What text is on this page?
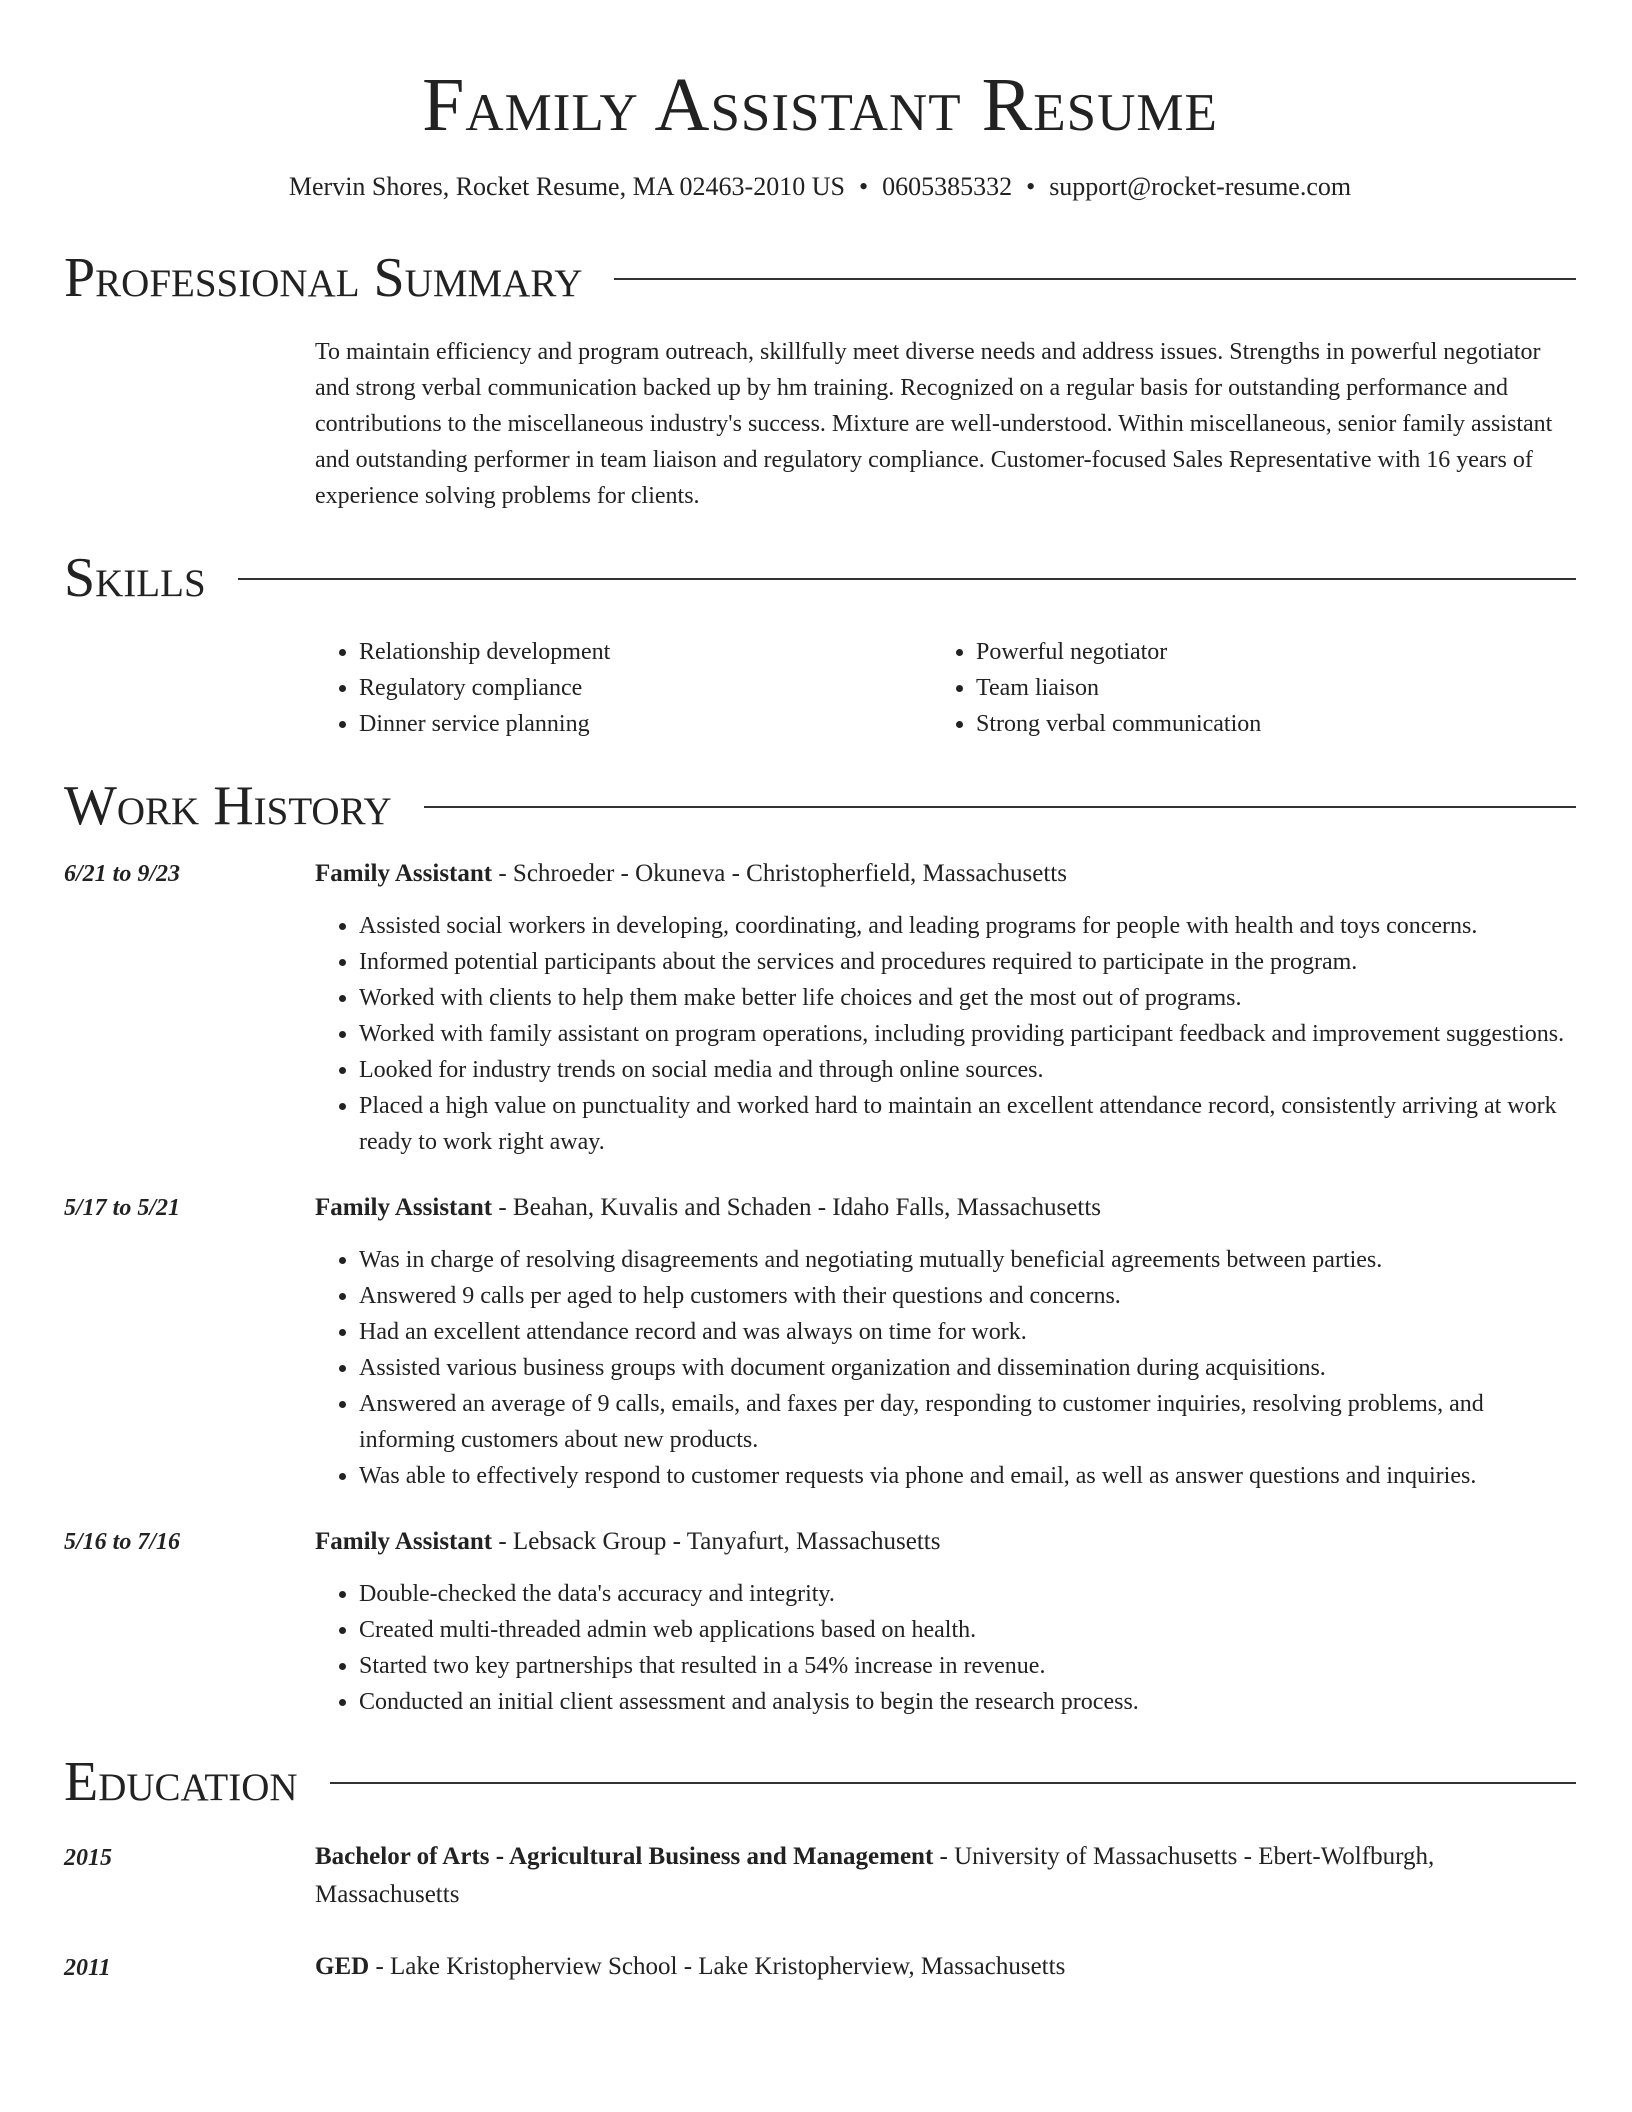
Family Assistant Resume
Mervin Shores, Rocket Resume, MA 02463-2010 US • 0605385332 • support@rocket-resume.com
Professional Summary
To maintain efficiency and program outreach, skillfully meet diverse needs and address issues. Strengths in powerful negotiator and strong verbal communication backed up by hm training. Recognized on a regular basis for outstanding performance and contributions to the miscellaneous industry's success. Mixture are well-understood. Within miscellaneous, senior family assistant and outstanding performer in team liaison and regulatory compliance. Customer-focused Sales Representative with 16 years of experience solving problems for clients.
Skills
• Relationship development
• Regulatory compliance
• Dinner service planning
• Powerful negotiator
• Team liaison
• Strong verbal communication
Work History
6/21 to 9/23	Family Assistant - Schroeder - Okuneva - Christopherfield, Massachusetts
• Assisted social workers in developing, coordinating, and leading programs for people with health and toys concerns.
• Informed potential participants about the services and procedures required to participate in the program.
• Worked with clients to help them make better life choices and get the most out of programs.
• Worked with family assistant on program operations, including providing participant feedback and improvement suggestions.
• Looked for industry trends on social media and through online sources.
• Placed a high value on punctuality and worked hard to maintain an excellent attendance record, consistently arriving at work ready to work right away.
5/17 to 5/21	Family Assistant - Beahan, Kuvalis and Schaden - Idaho Falls, Massachusetts
• Was in charge of resolving disagreements and negotiating mutually beneficial agreements between parties.
• Answered 9 calls per aged to help customers with their questions and concerns.
• Had an excellent attendance record and was always on time for work.
• Assisted various business groups with document organization and dissemination during acquisitions.
• Answered an average of 9 calls, emails, and faxes per day, responding to customer inquiries, resolving problems, and informing customers about new products.
• Was able to effectively respond to customer requests via phone and email, as well as answer questions and inquiries.
5/16 to 7/16	Family Assistant - Lebsack Group - Tanyafurt, Massachusetts
• Double-checked the data's accuracy and integrity.
• Created multi-threaded admin web applications based on health.
• Started two key partnerships that resulted in a 54% increase in revenue.
• Conducted an initial client assessment and analysis to begin the research process.
Education
2015	Bachelor of Arts - Agricultural Business and Management - University of Massachusetts - Ebert-Wolfburgh, Massachusetts
2011	GED - Lake Kristopherview School - Lake Kristopherview, Massachusetts
